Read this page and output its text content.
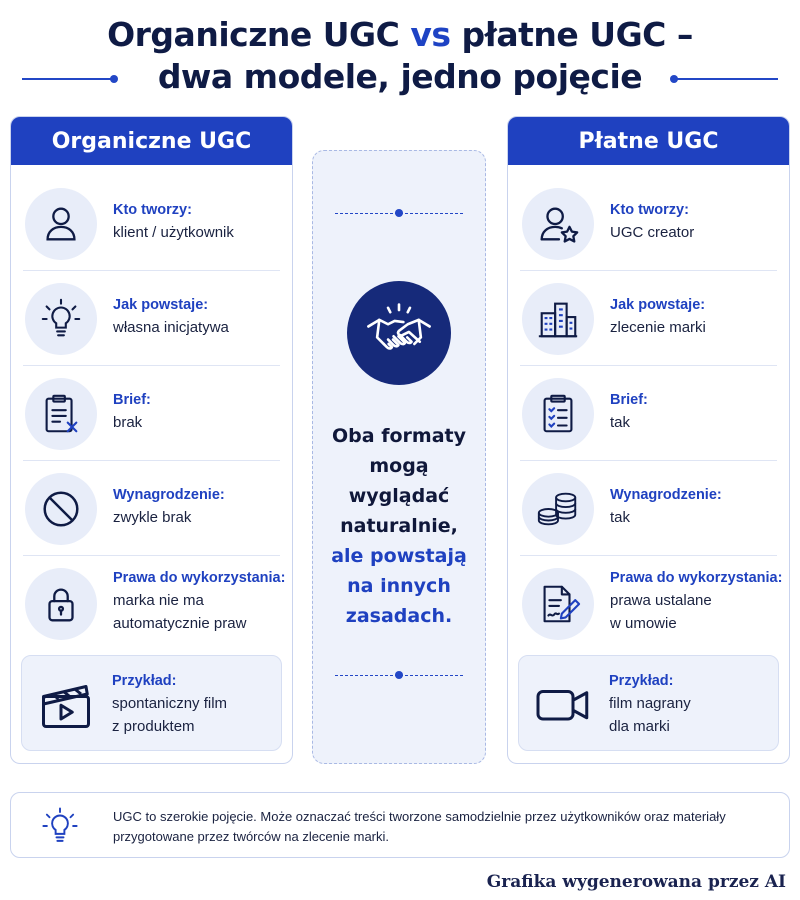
Organiczne UGC vs płatne UGC –
dwa modele, jedno pojęcie
Organiczne UGC
Kto tworzy:
klient / użytkownik
Jak powstaje:
własna inicjatywa
Brief:
brak
Wynagrodzenie:
zwykle brak
Prawa do wykorzystania:
marka nie ma
automatycznie praw
Przykład:
spontaniczny film
z produktem
Oba formaty
mogą wyglądać
naturalnie,
ale powstają
na innych
zasadach.
Płatne UGC
Kto tworzy:
UGC creator
Jak powstaje:
zlecenie marki
Brief:
tak
Wynagrodzenie:
tak
Prawa do wykorzystania:
prawa ustalane
w umowie
Przykład:
film nagrany
dla marki
UGC to szerokie pojęcie. Może oznaczać treści tworzone samodzielnie przez użytkowników oraz materiały przygotowane przez twórców na zlecenie marki.
Grafika wygenerowana przez AI
